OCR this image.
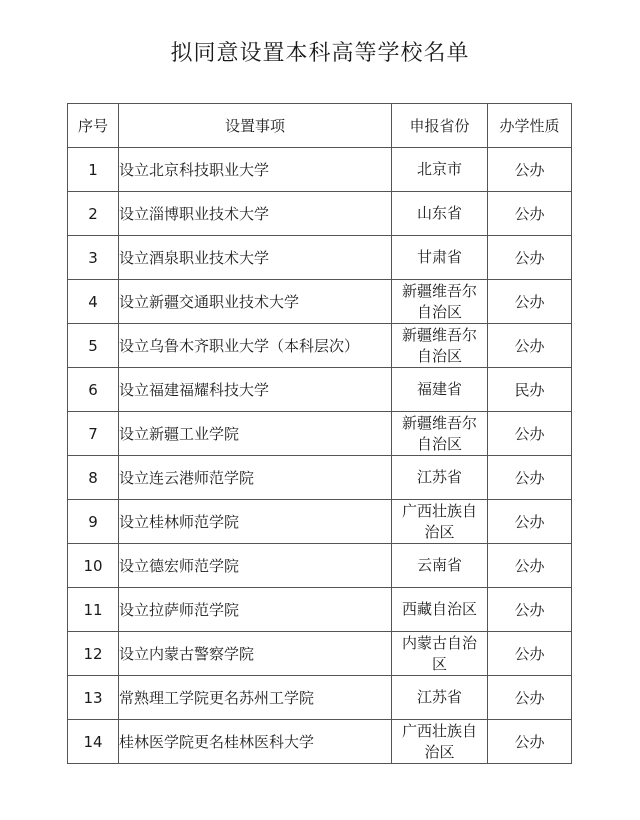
拟同意设置本科高等学校名单
序号	设置事项	申报省份	办学性质
1	设立北京科技职业大学	北京市	公办
2	设立淄博职业技术大学	山东省	公办
3	设立酒泉职业技术大学	甘肃省	公办
4	设立新疆交通职业技术大学	新疆维吾尔自治区	公办
5	设立乌鲁木齐职业大学（本科层次）	新疆维吾尔自治区	公办
6	设立福建福耀科技大学	福建省	民办
7	设立新疆工业学院	新疆维吾尔自治区	公办
8	设立连云港师范学院	江苏省	公办
9	设立桂林师范学院	广西壮族自治区	公办
10	设立德宏师范学院	云南省	公办
11	设立拉萨师范学院	西藏自治区	公办
12	设立内蒙古警察学院	内蒙古自治区	公办
13	常熟理工学院更名苏州工学院	江苏省	公办
14	桂林医学院更名桂林医科大学	广西壮族自治区	公办
